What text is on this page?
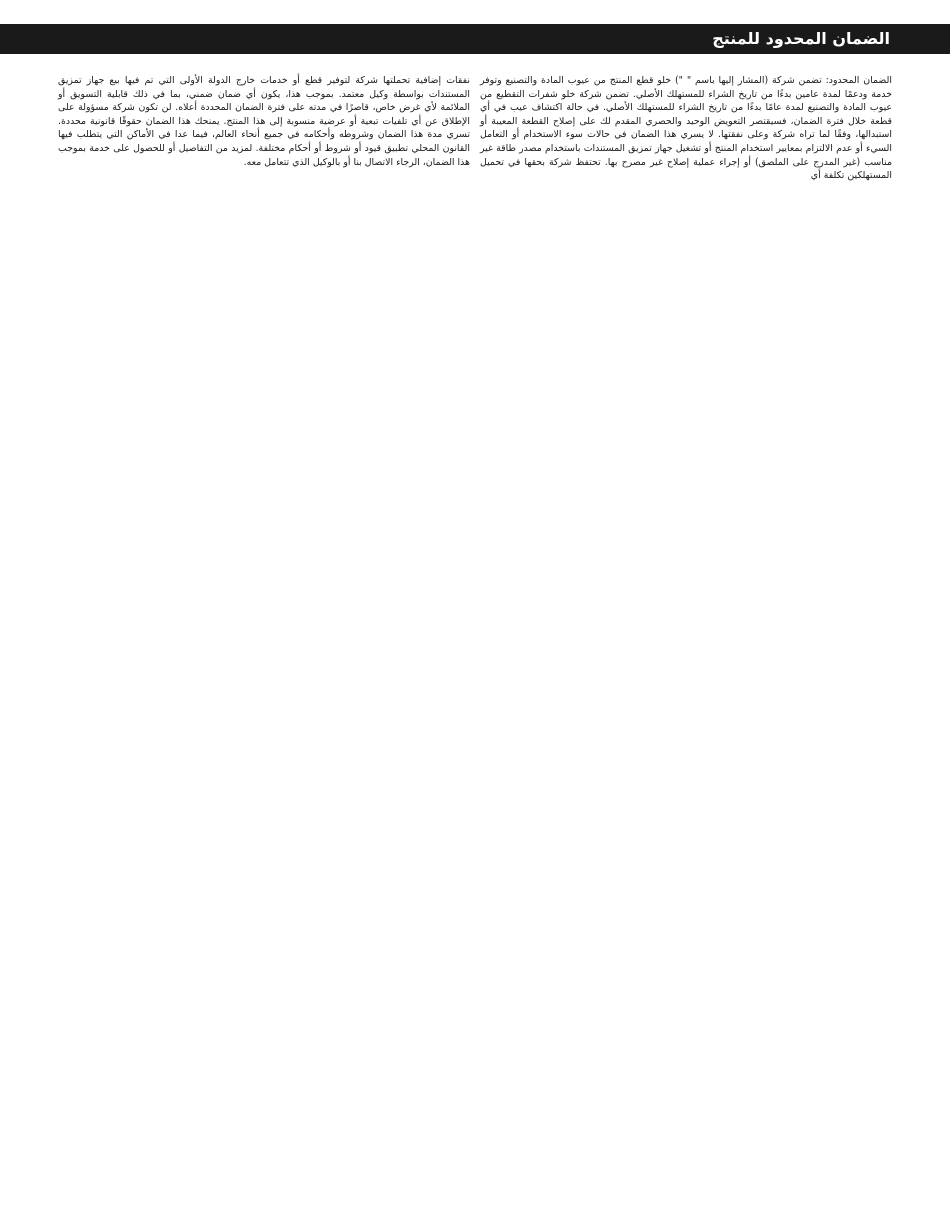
الضمان المحدود للمنتج

الضمان المحدود: تضمن شركة (المشار إليها باسم " ") خلو قطع المنتج من عيوب المادة والتصنيع وتوفر خدمة ودعمًا لمدة عامين بدءًا من تاريخ الشراء للمستهلك الأصلي. تضمن شركة خلو شفرات التقطيع من عيوب المادة والتصنيع لمدة عامًا بدءًا من تاريخ الشراء للمستهلك الأصلي. في حالة اكتشاف عيب في أي قطعة خلال فترة الضمان، فسيقتصر التعويض الوحيد والحصري المقدم لك على إصلاح القطعة المعيبة أو استبدالها، وفقًا لما تراه شركة وعلى نفقتها. لا يسري هذا الضمان في حالات سوء الاستخدام أو التعامل السيء أو عدم الالتزام بمعايير استخدام المنتج أو تشغيل جهاز تمزيق المستندات باستخدام مصدر طاقة غير مناسب (غير المدرج على الملصق) أو إجراء عملية إصلاح غير مصرح بها. تحتفظ شركة بحقها في تحميل المستهلكين تكلفة أي

نفقات إضافية تحملتها شركة لتوفير قطع أو خدمات خارج الدولة الأولى التي تم فيها بيع جهاز تمزيق المستندات بواسطة وكيل معتمد. بموجب هذا، يكون أي ضمان ضمني، بما في ذلك قابلية التسويق أو الملائمة لأي غرض خاص، قاصرًا في مدته على فترة الضمان المحددة أعلاه. لن تكون شركة مسؤولة على الإطلاق عن أي تلفيات تبعية أو عرضية منسوبة إلى هذا المنتج. يمنحك هذا الضمان حقوقًا قانونية محددة. تسري مدة هذا الضمان وشروطه وأحكامه في جميع أنحاء العالم، فيما عدا في الأماكن التي يتطلب فيها القانون المحلي تطبيق قيود أو شروط أو أحكام مختلفة. لمزيد من التفاصيل أو للحصول على خدمة بموجب هذا الضمان، الرجاء الاتصال بنا أو بالوكيل الذي تتعامل معه.
